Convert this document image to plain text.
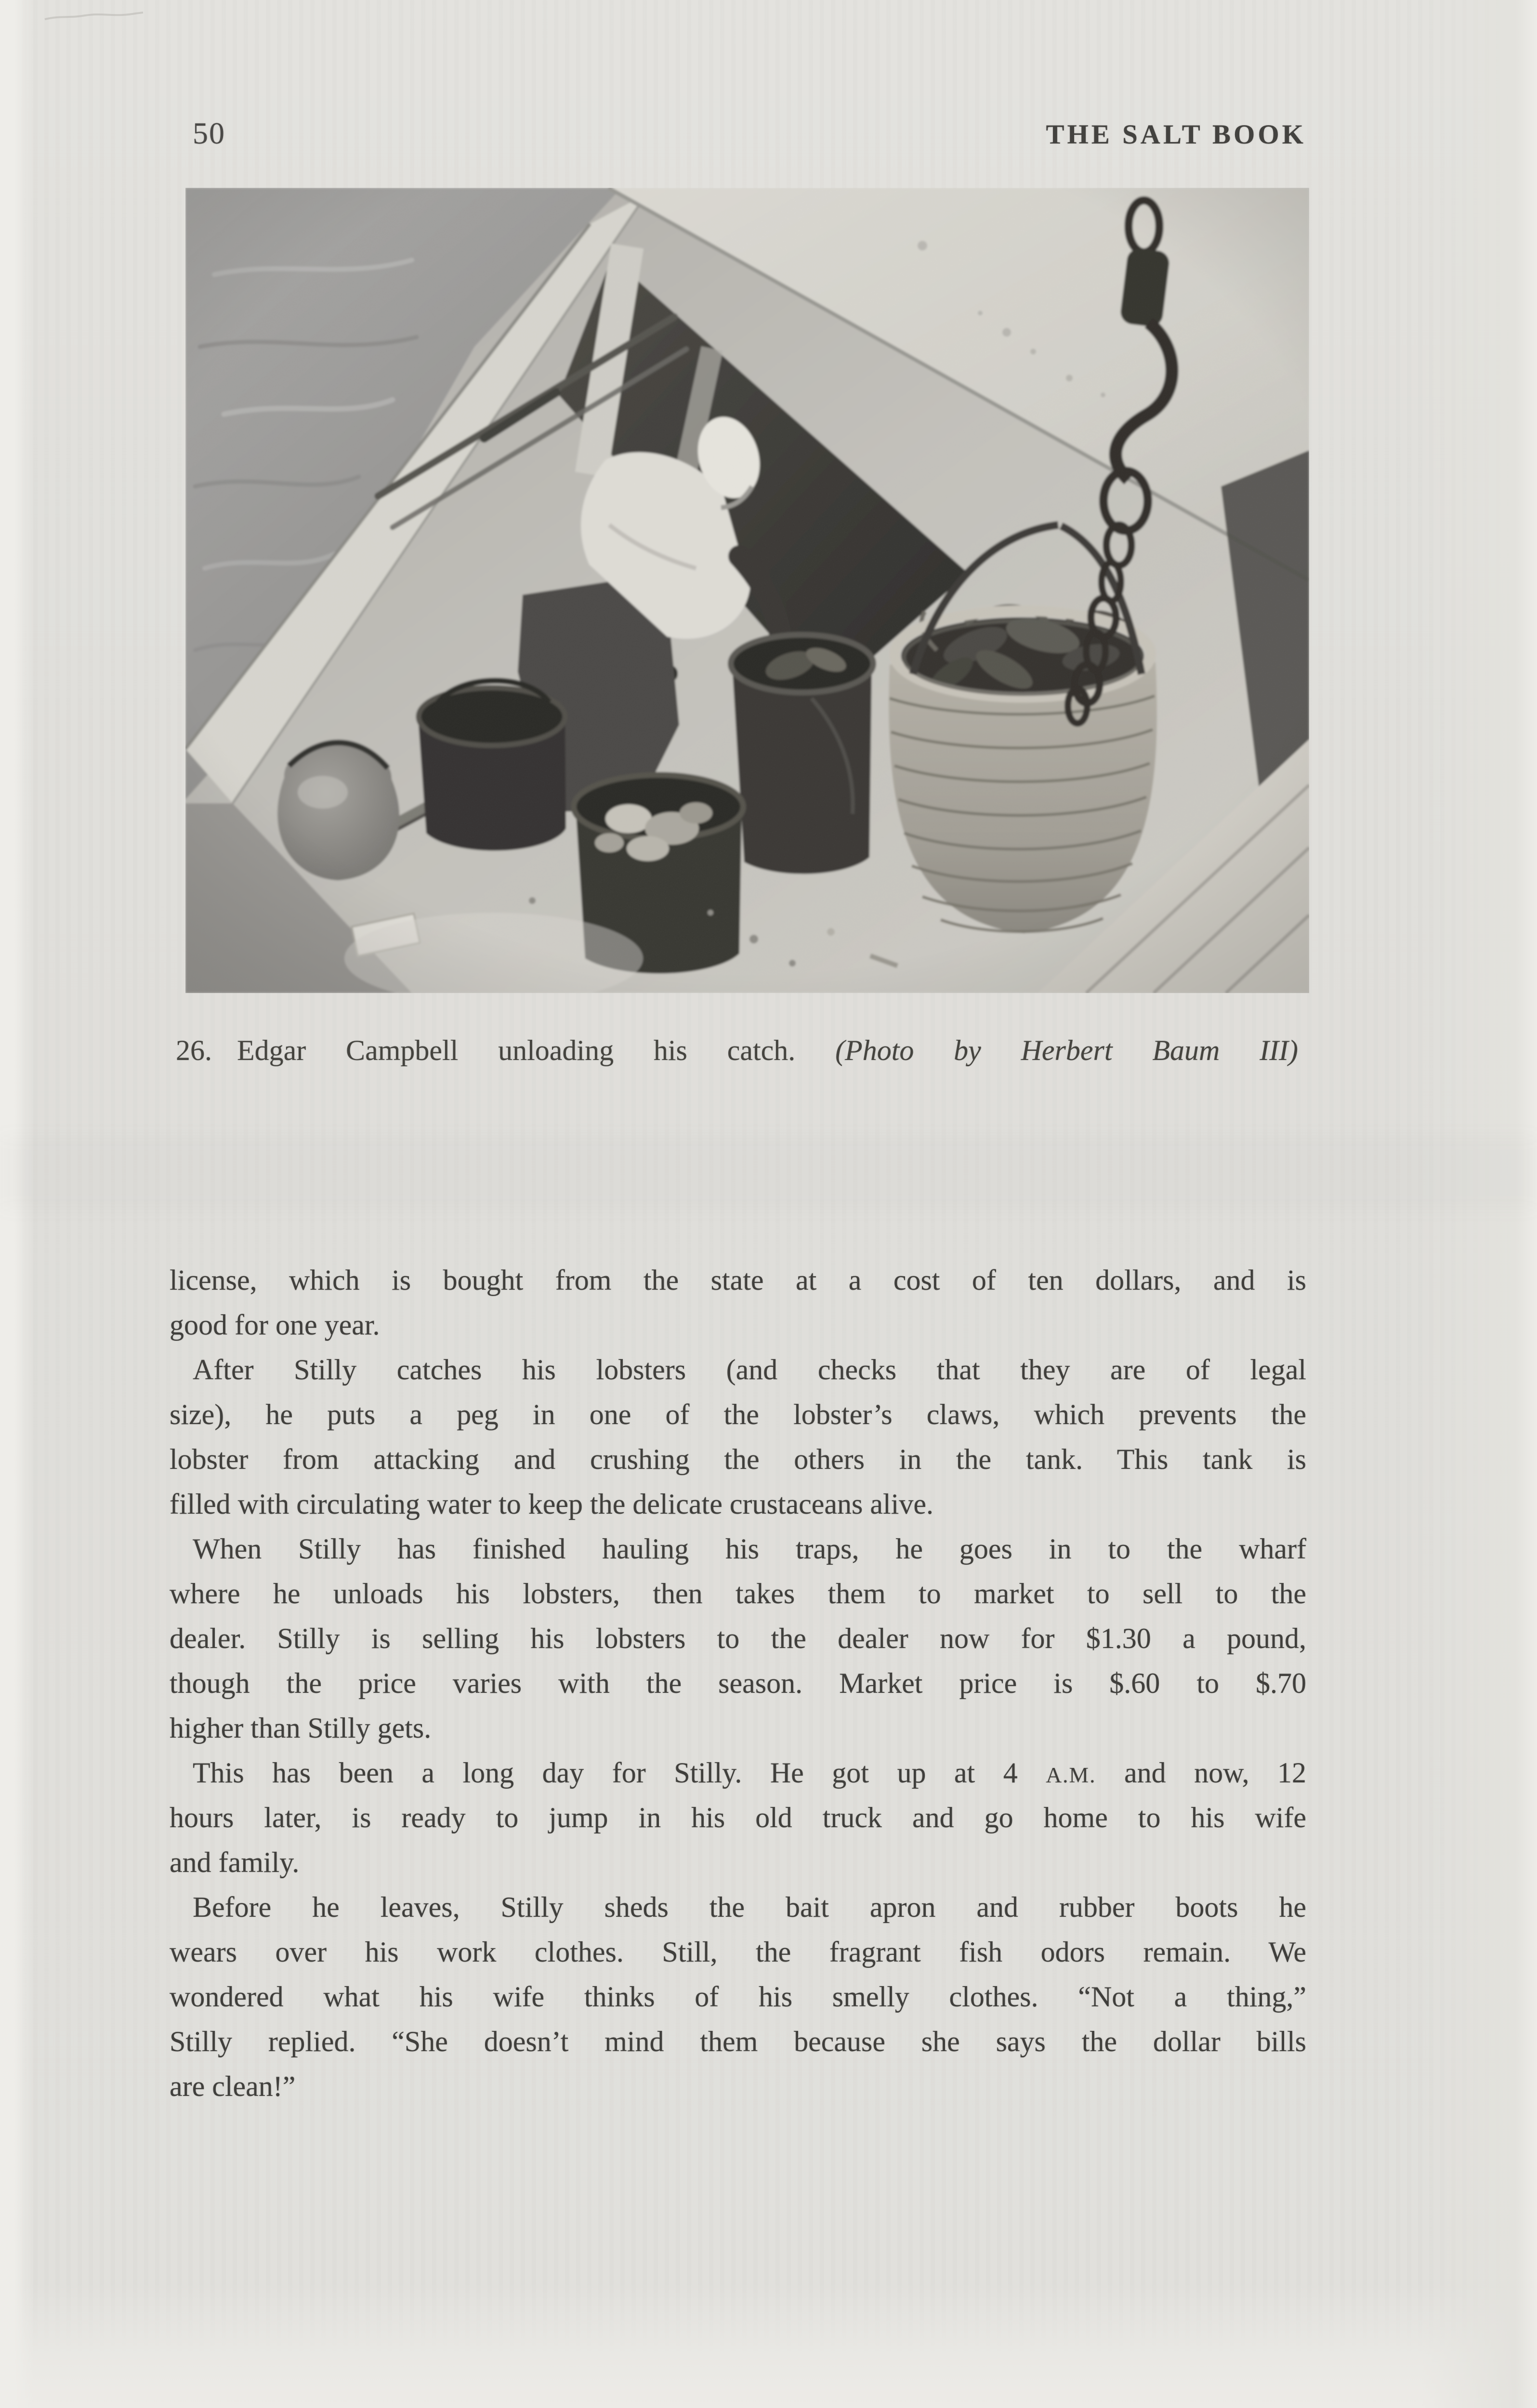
50	THE SALT BOOK
26. Edgar Campbell unloading his catch. (Photo by Herbert Baum III)
license, which is bought from the state at a cost of ten dollars, and is
good for one year.
After Stilly catches his lobsters (and checks that they are of legal
size), he puts a peg in one of the lobster’s claws, which prevents the
lobster from attacking and crushing the others in the tank. This tank is
filled with circulating water to keep the delicate crustaceans alive.
When Stilly has finished hauling his traps, he goes in to the wharf
where he unloads his lobsters, then takes them to market to sell to the
dealer. Stilly is selling his lobsters to the dealer now for $1.30 a pound,
though the price varies with the season. Market price is $.60 to $.70
higher than Stilly gets.
This has been a long day for Stilly. He got up at 4 A.M. and now, 12
hours later, is ready to jump in his old truck and go home to his wife
and family.
Before he leaves, Stilly sheds the bait apron and rubber boots he
wears over his work clothes. Still, the fragrant fish odors remain. We
wondered what his wife thinks of his smelly clothes. “Not a thing,”
Stilly replied. “She doesn’t mind them because she says the dollar bills
are clean!”
